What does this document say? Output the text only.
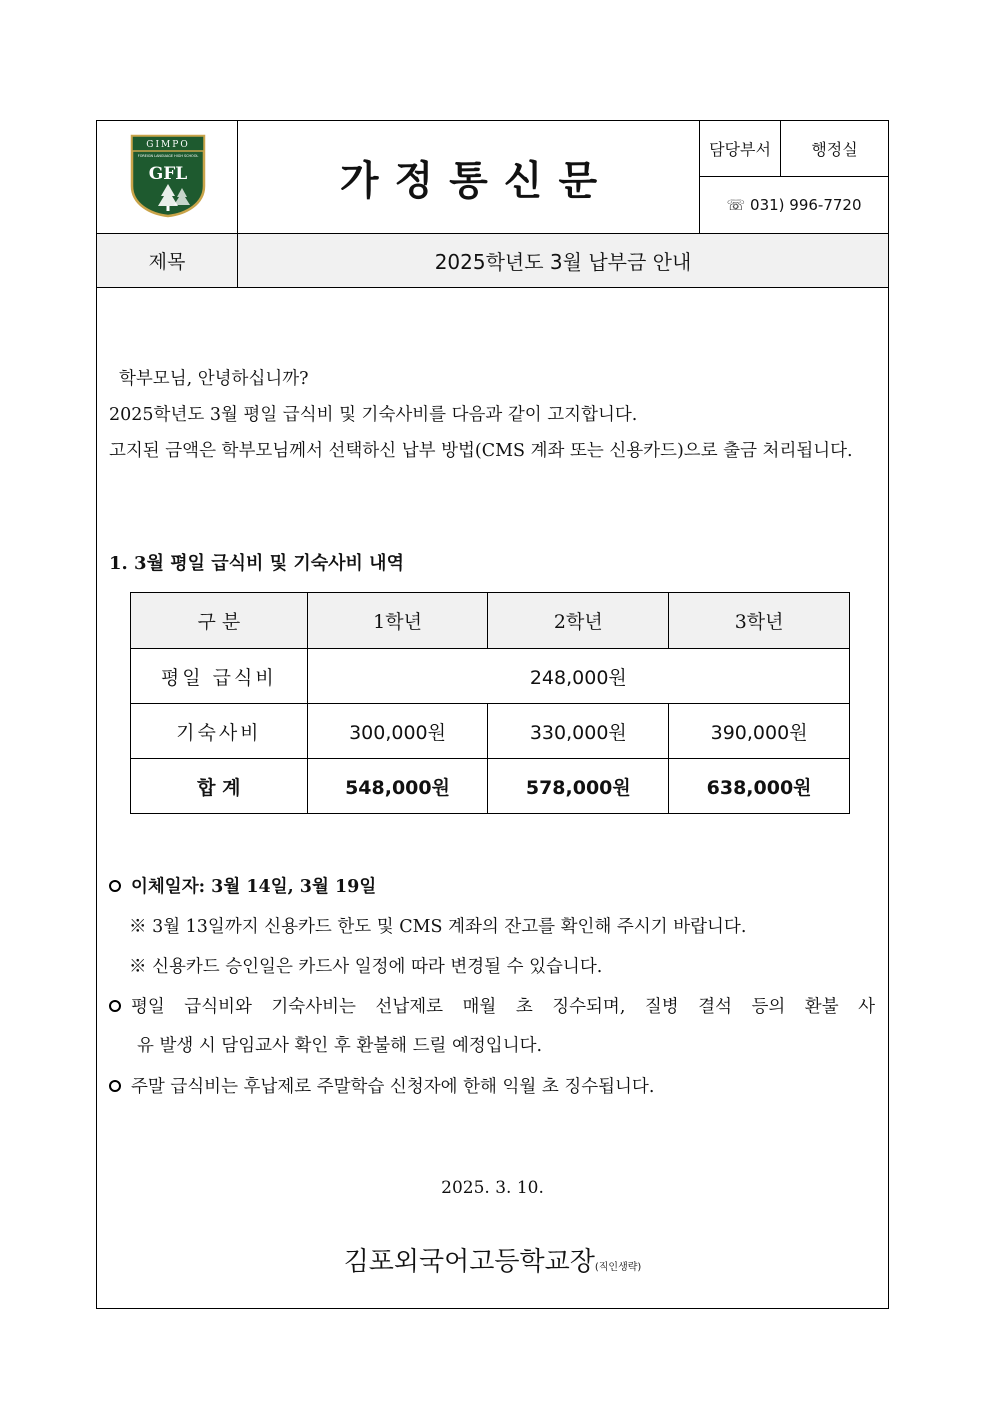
GIMPO
FOREIGN LANGUAGE HIGH SCHOOL
GFL	가정통신문
담당부서	행정실
☏ 031) 996-7720
제목	2025학년도 3월 납부금 안내
학부모님, 안녕하십니까?
2025학년도 3월 평일 급식비 및 기숙사비를 다음과 같이 고지합니다.
고지된 금액은 학부모님께서 선택하신 납부 방법(CMS 계좌 또는 신용카드)으로 출금 처리됩니다.
1. 3월 평일 급식비 및 기숙사비 내역
구 분	1학년	2학년	3학년
평일 급식비	248,000원		
기숙사비	300,000원	330,000원	390,000원
합 계	548,000원	578,000원	638,000원
이체일자: 3월 14일, 3월 19일
※ 3월 13일까지 신용카드 한도 및 CMS 계좌의 잔고를 확인해 주시기 바랍니다.
※ 신용카드 승인일은 카드사 일정에 따라 변경될 수 있습니다.
평일 급식비와 기숙사비는 선납제로 매월 초 징수되며, 질병 결석 등의 환불 사
유 발생 시 담임교사 확인 후 환불해 드릴 예정입니다.
주말 급식비는 후납제로 주말학습 신청자에 한해 익월 초 징수됩니다.
2025. 3. 10.
김포외국어고등학교장(직인생략)
